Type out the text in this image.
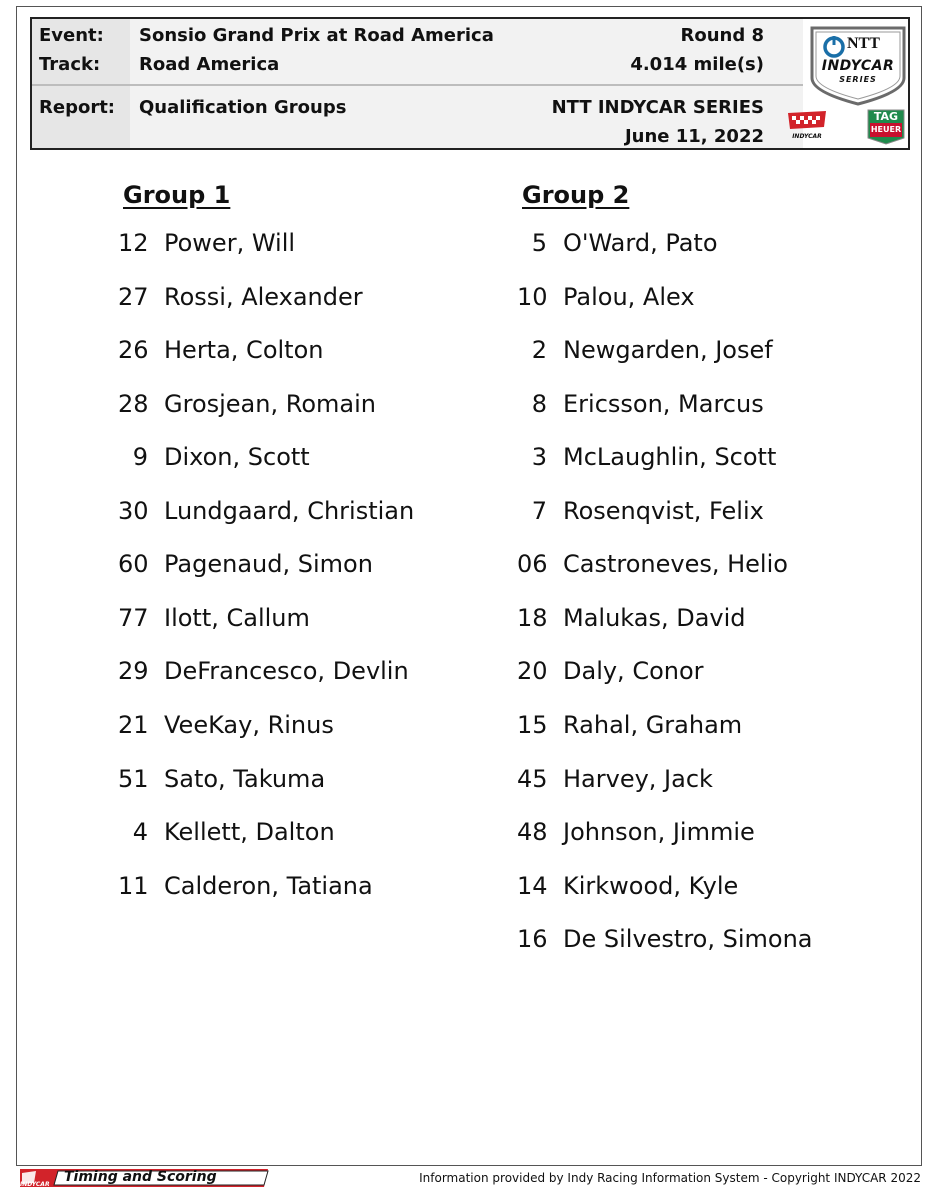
Event: Sonsio Grand Prix at Road America	Round 8
Track: Road America	4.014 mile(s)
Report: Qualification Groups	NTT INDYCAR SERIES
June 11, 2022
NTT
INDYCAR
SERIES
INDYCAR
TAG
HEUER
Group 1	Group 2
12 Power, Will
27 Rossi, Alexander
26 Herta, Colton
28 Grosjean, Romain
9 Dixon, Scott
30 Lundgaard, Christian
60 Pagenaud, Simon
77 Ilott, Callum
29 DeFrancesco, Devlin
21 VeeKay, Rinus
51 Sato, Takuma
4 Kellett, Dalton
11 Calderon, Tatiana
5 O'Ward, Pato
10 Palou, Alex
2 Newgarden, Josef
8 Ericsson, Marcus
3 McLaughlin, Scott
7 Rosenqvist, Felix
06 Castroneves, Helio
18 Malukas, David
20 Daly, Conor
15 Rahal, Graham
45 Harvey, Jack
48 Johnson, Jimmie
14 Kirkwood, Kyle
16 De Silvestro, Simona
Timing and Scoring
INDYCAR	Information provided by Indy Racing Information System - Copyright INDYCAR 2022
